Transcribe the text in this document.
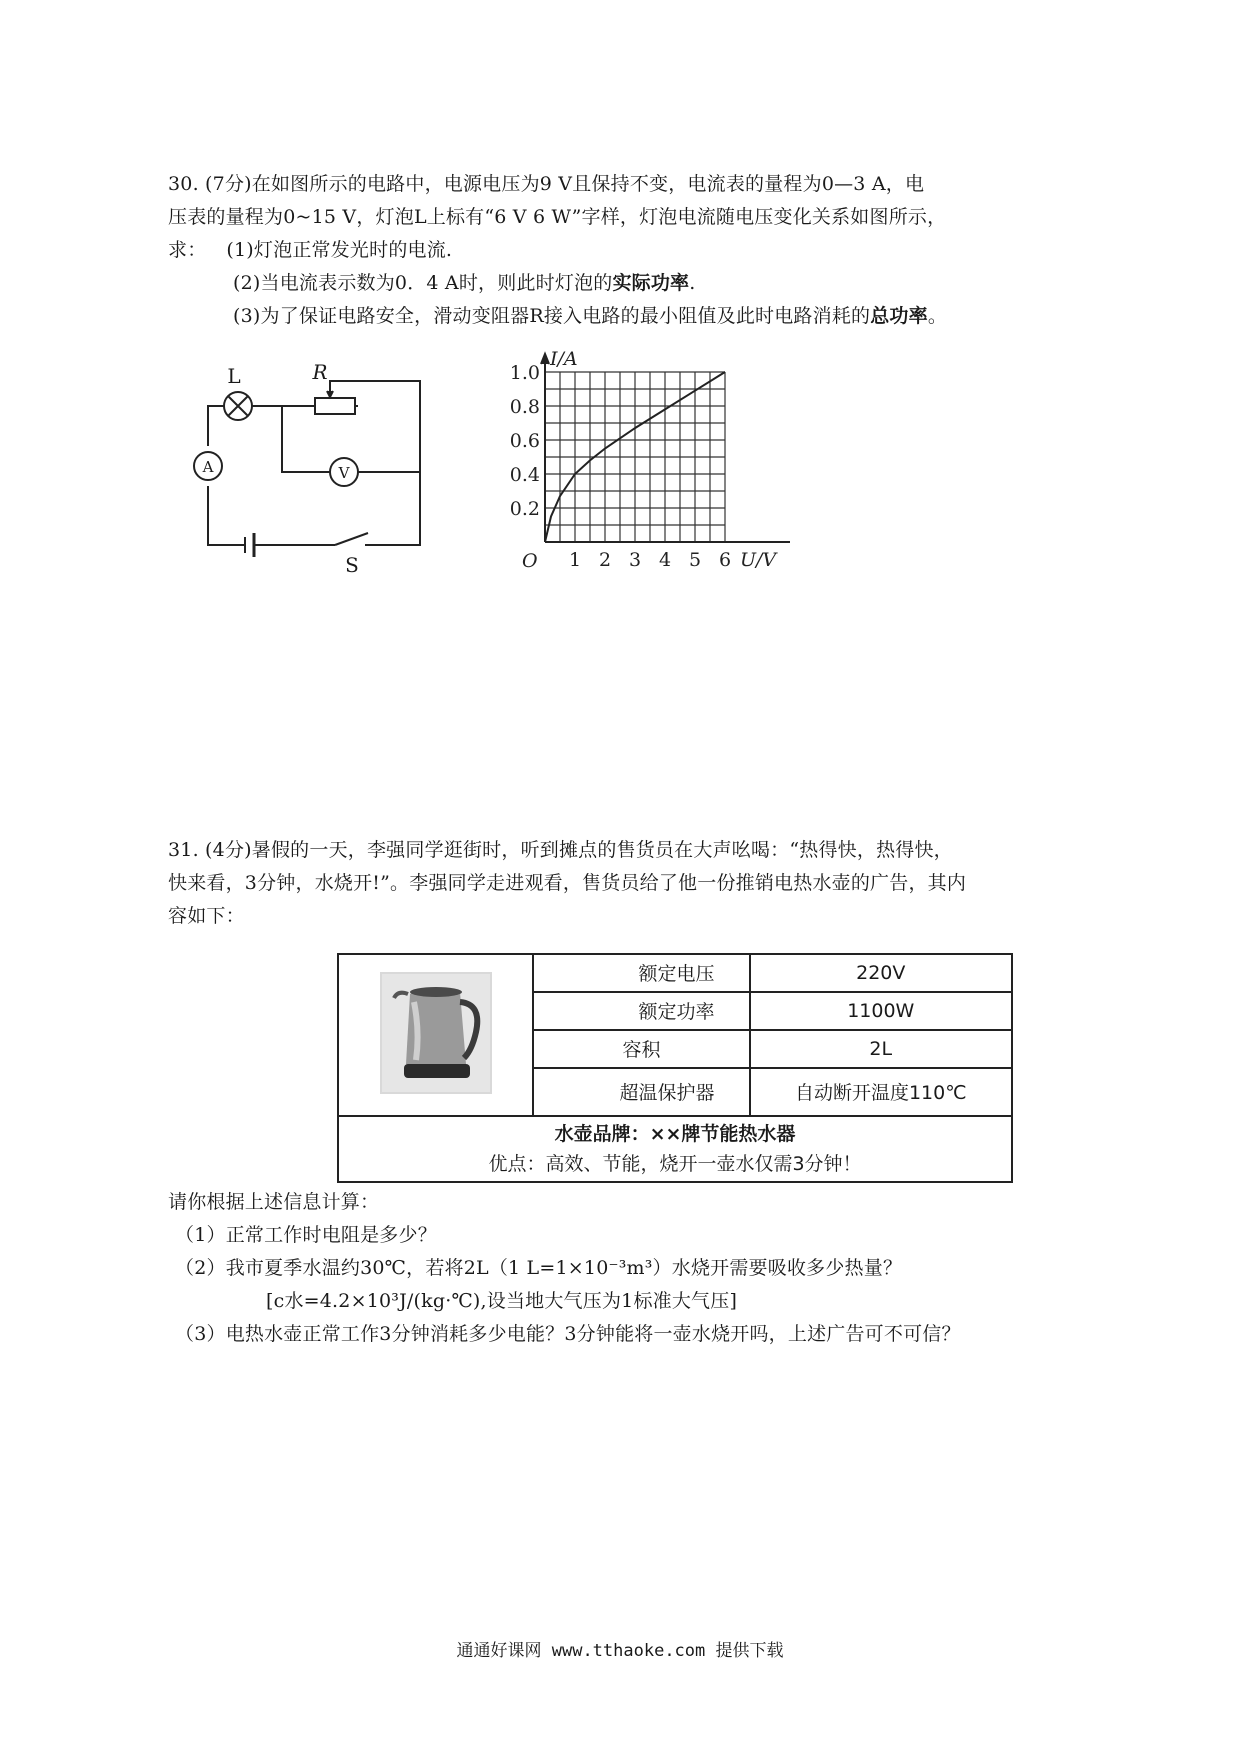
30. (7分)在如图所示的电路中，电源电压为9 V且保持不变，电流表的量程为0—3 A，电
压表的量程为0~15 V，灯泡L上标有“6 V 6 W”字样，灯泡电流随电压变化关系如图所示，
求： (1)灯泡正常发光时的电流.
(2)当电流表示数为0．4 A时，则此时灯泡的实际功率.
(3)为了保证电路安全，滑动变阻器R接入电路的最小阻值及此时电路消耗的总功率。
L	R
A	V
S	1 2 3 4 5 6
0.2
0.4
0.6
0.8
1.0
I/A
U/V
O
31. (4分)暑假的一天，李强同学逛街时，听到摊点的售货员在大声吆喝：“热得快，热得快，
快来看，3分钟，水烧开!”。李强同学走进观看，售货员给了他一份推销电热水壶的广告，其内
容如下：
	额定电压	220V
	额定功率	1100W
	容积	2L
	超温保护器	自动断开温度110℃

水壶品牌：××牌节能热水器
优点：高效、节能，烧开一壶水仅需3分钟！		
请你根据上述信息计算：
（1）正常工作时电阻是多少？
（2）我市夏季水温约30℃，若将2L（1 L=1×10⁻³m³）水烧开需要吸收多少热量？
[c水=4.2×10³J/(kg·℃),设当地大气压为1标准大气压]
（3）电热水壶正常工作3分钟消耗多少电能？3分钟能将一壶水烧开吗，上述广告可不可信？
通通好课网 www.tthaoke.com 提供下载
